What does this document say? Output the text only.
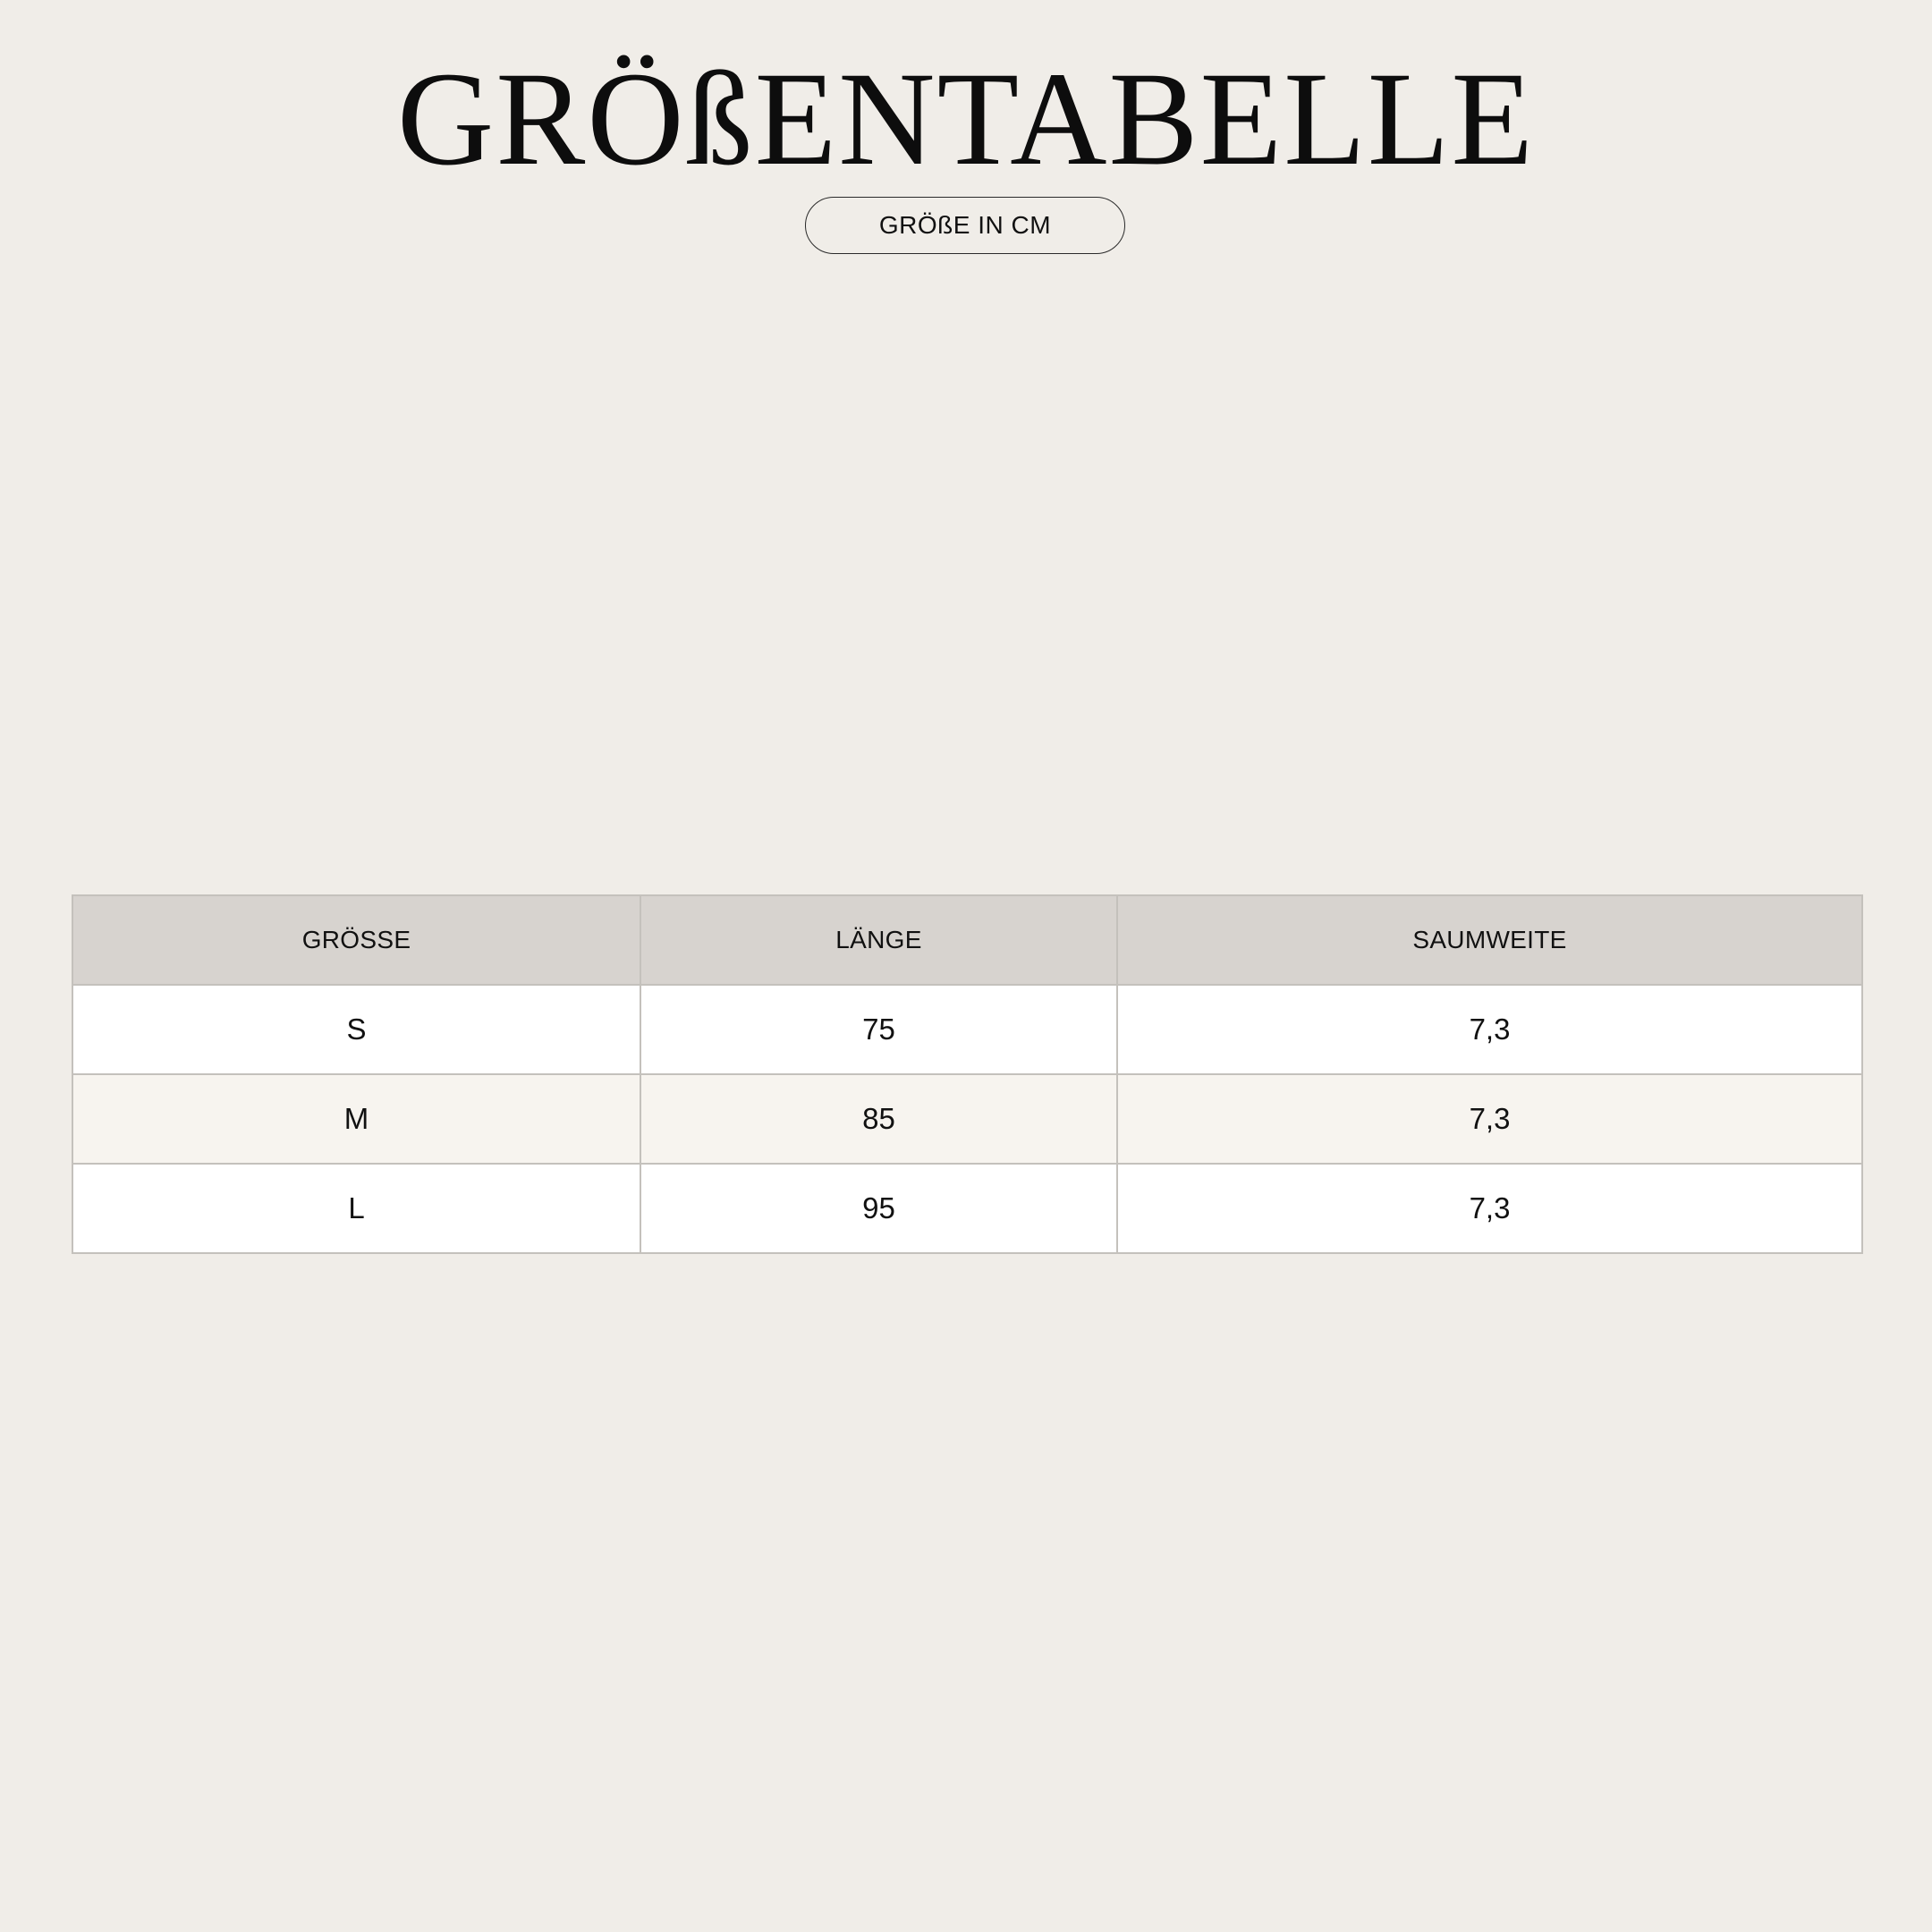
GRÖßENTABELLE
GRÖßE IN CM
GRÖSSE	LÄNGE	SAUMWEITE
S	75	7,3
M	85	7,3
L	95	7,3
